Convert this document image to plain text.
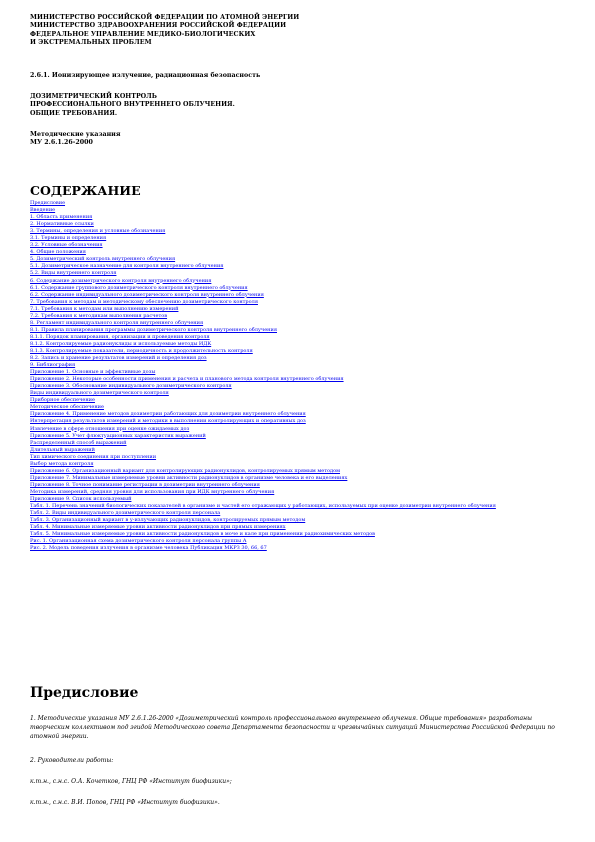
МИНИСТЕРСТВО РОССИЙСКОЙ ФЕДЕРАЦИИ ПО АТОМНОЙ ЭНЕРГИИ
МИНИСТЕРСТВО ЗДРАВООХРАНЕНИЯ РОССИЙСКОЙ ФЕДЕРАЦИИ
ФЕДЕРАЛЬНОЕ УПРАВЛЕНИЕ МЕДИКО-БИОЛОГИЧЕСКИХ
И ЭКСТРЕМАЛЬНЫХ ПРОБЛЕМ
2.6.1. Ионизирующее излучение, радиационная безопасность
ДОЗИМЕТРИЧЕСКИЙ КОНТРОЛЬ
ПРОФЕССИОНАЛЬНОГО ВНУТРЕННЕГО ОБЛУЧЕНИЯ.
ОБЩИЕ ТРЕБОВАНИЯ.
Методические указания
МУ 2.6.1.26-2000
СОДЕРЖАНИЕ
Предисловие
Введение
1. Область применения
2. Нормативные ссылки
3. Термины, определения и условные обозначения
3.1. Термины и определения
3.2. Условные обозначения
4. Общие положения
5. Дозиметрический контроль внутреннего облучения
5.1. Дозиметрическое назначение для контроля внутреннего облучения
5.2. Виды внутреннего контроля
6. Содержание дозиметрического контроля внутреннего облучения
6.1. Содержание группового дозиметрического контроля внутреннего облучения
6.2. Содержание индивидуального дозиметрического контроля внутреннего облучения
7. Требования к методам и методическому обеспечению дозиметрического контроля
7.1. Требования к методам или выполнению измерений
7.2. Требования к методикам выполнения расчетов
8. Регламент индивидуального контроля внутреннего облучения
8.1. Правила планирования программы дозиметрического контроля внутреннего облучения
8.1.1. Порядок планирования, организации и проведения контроля
8.1.2. Контролируемые радионуклиды и используемые методы ИДК
8.1.3. Контролируемые показатели, периодичность и продолжительность контроля
8.2. Запись и хранение результатов измерений и определения доз
9. Библиография
Приложение 1. Основные и эффективные дозы
Приложение 2. Некоторые особенности применения и расчета и планового метода контроля внутреннего облучения
Приложение 3. Обоснование индивидуального дозиметрического контроля
Виды индивидуального дозиметрического контроля
Приборное обеспечение
Методическое обеспечение
Приложение 4. Применение методов дозиметрии работающих для дозиметрии внутреннего облучения
Интерпретация результатов измерений и методики в выполнении контролирующих и оперативных доз
Извлечение в сфере отношения при оценке ожидаемых доз
Приложение 5. Учет флюктуационных характеристик выражений
Распределенный способ выражений
Длительный выражений
Тип химического соединения при поступлении
Выбор метода контроля
Приложение 6. Организационный вариант для контролирующих радионуклидов, контролируемых прямым методом
Приложение 7. Минимальные измеряемые уровни активности радионуклидов в организме человека и его выделениях
Приложение 8. Точное понимание регистрации в дозиметрии внутреннего облучения
Методика измерений, средняя уровня для использования при ИДК внутреннего облучения
Приложение 9. Список используемый
Табл. 1. Перечень значений биологических показателей в организме и частей его отражающих у работающих, используемых при оценке дозиметрии внутреннего облучения
Табл. 2. Виды индивидуального дозиметрического контроля персонала
Табл. 3. Организационный вариант в у-излучающих радионуклидов, контролируемых прямым методом
Табл. 4. Минимальные измеряемые уровни активности радионуклидов при прямых измерениях
Табл. 5. Минимальные измеряемые уровни активности радионуклидов в моче и кале при применении радиохимических методов
Рис. 1. Организационная схема дозиметрического контроля персонала группы А
Рис. 2. Модель поведения излучения в организме человека Публикация МКРЗ 30, 66, 67
Предисловие
1. Методические указания МУ 2.6.1.26-2000 «Дозиметрический контроль профессионального внутреннего облучения. Общие требования» разработаны творческим коллективом под эгидой Методического совета Департамента безопасности и чрезвычайных ситуаций Министерства Российской Федерации по атомной энергии.
2. Руководители работы:
к.т.н., с.н.с. О.А. Кочетков, ГНЦ РФ «Институт биофизики»;
к.т.н., с.н.с. В.И. Попов, ГНЦ РФ «Институт биофизики».
